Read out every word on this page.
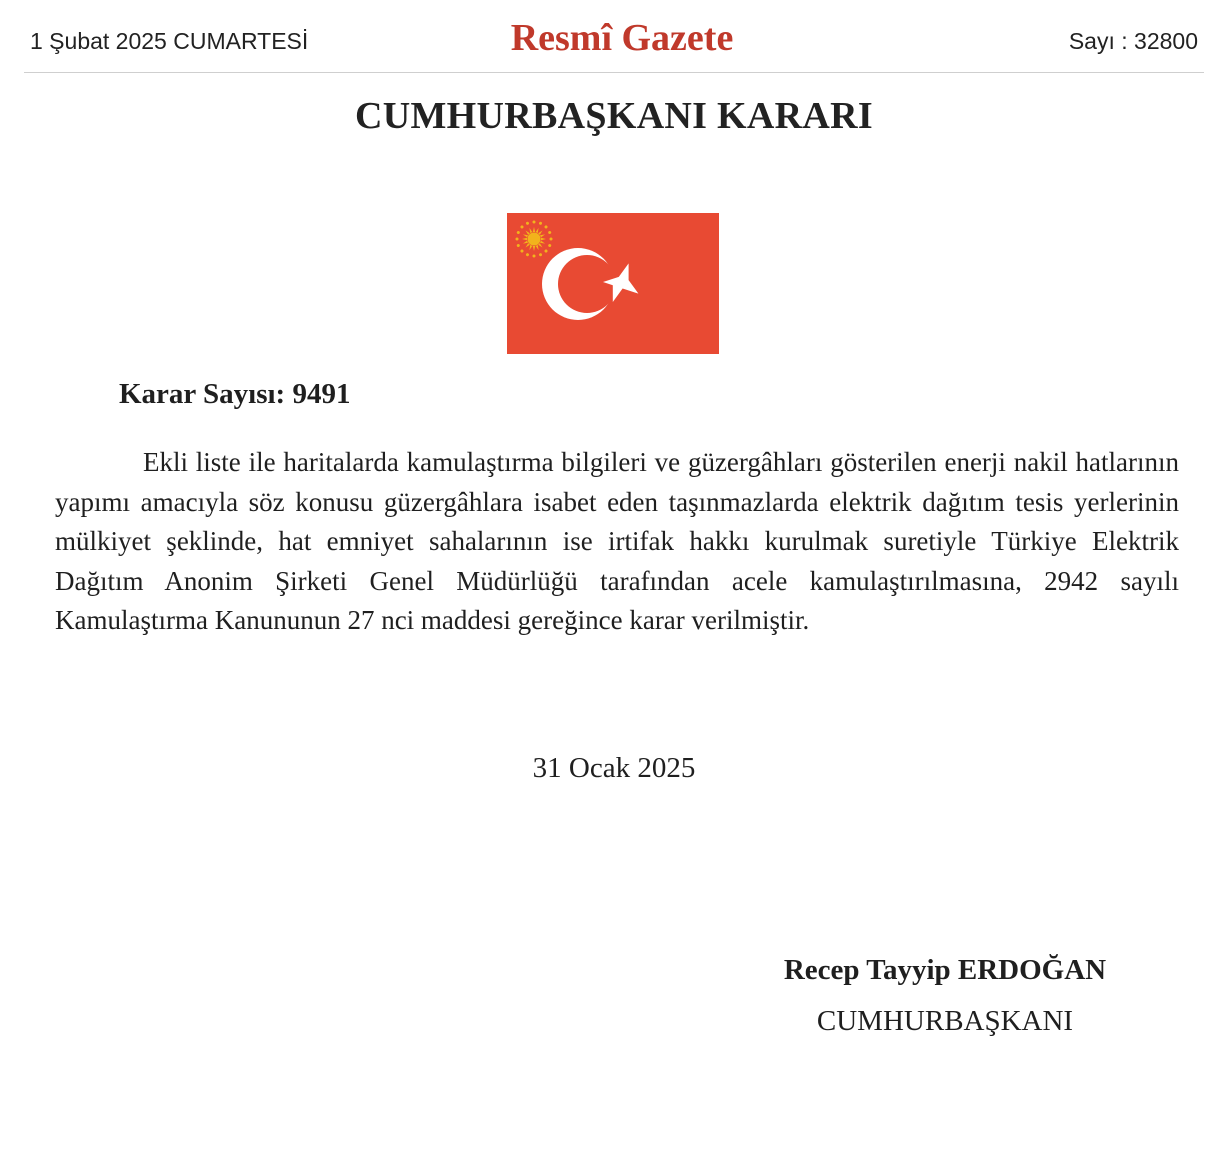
1 Şubat 2025 CUMARTESİ	Resmî Gazete	Sayı : 32800
CUMHURBAŞKANI KARARI
Karar Sayısı: 9491

Ekli liste ile haritalarda kamulaştırma bilgileri ve güzergâhları gösterilen enerji nakil hatlarının yapımı amacıyla söz konusu güzergâhlara isabet eden taşınmazlarda elektrik dağıtım tesis yerlerinin mülkiyet şeklinde, hat emniyet sahalarının ise irtifak hakkı kurulmak suretiyle Türkiye Elektrik Dağıtım Anonim Şirketi Genel Müdürlüğü tarafından acele kamulaştırılmasına, 2942 sayılı Kamulaştırma Kanununun 27 nci maddesi gereğince karar verilmiştir.

31 Ocak 2025
Recep Tayyip ERDOĞAN
CUMHURBAŞKANI
